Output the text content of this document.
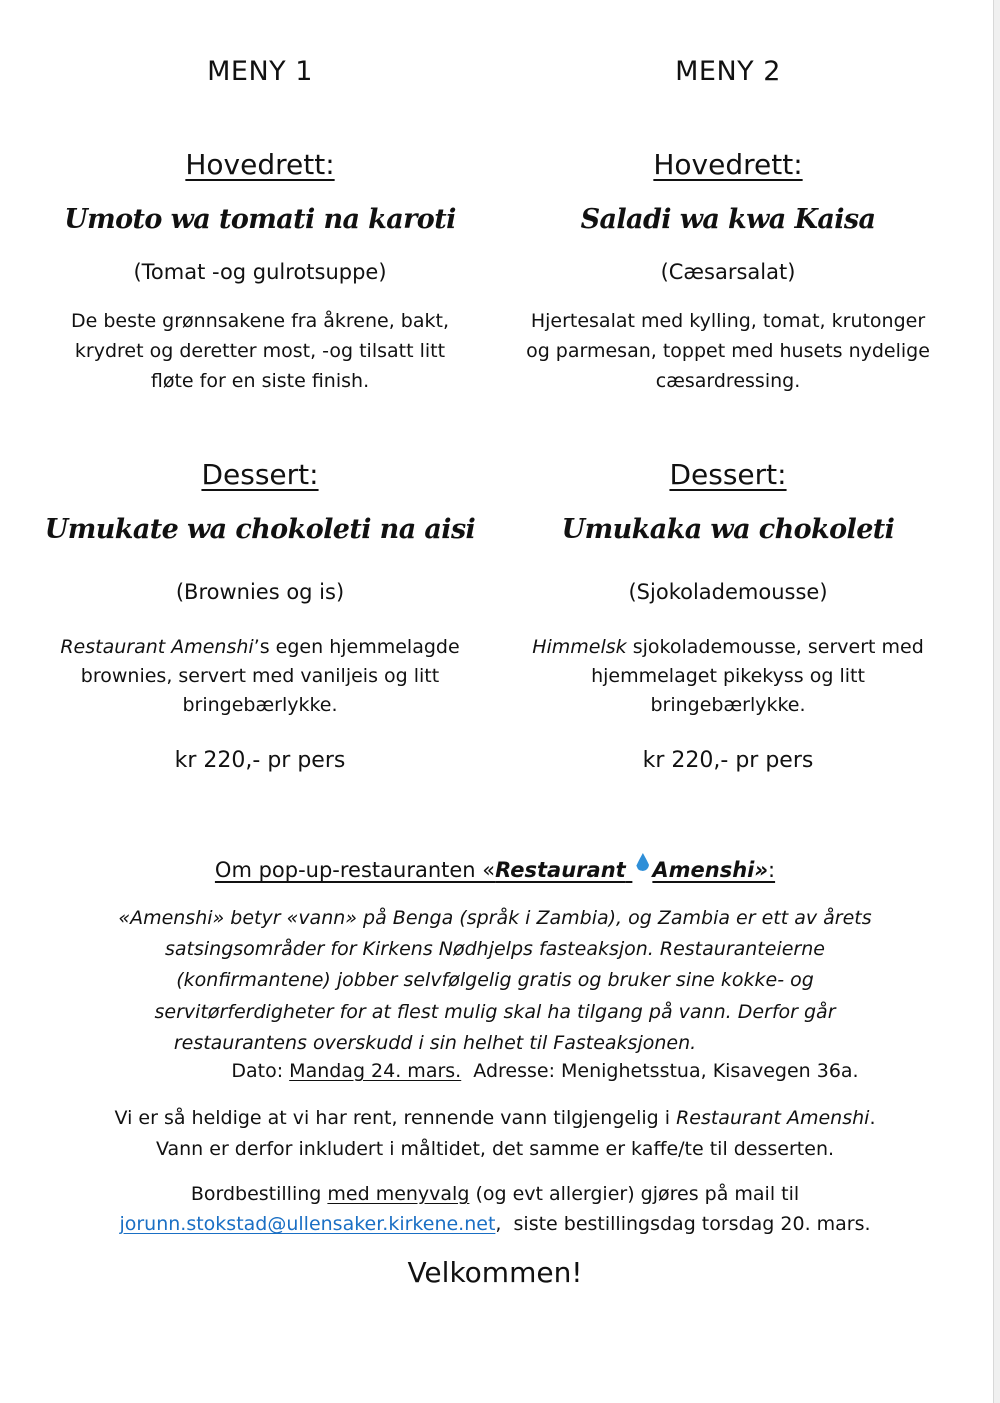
MENY 1
Hovedrett:
Umoto wa tomati na karoti
(Tomat -og gulrotsuppe)
De beste grønnsakene fra åkrene, bakt,
krydret og deretter most, -og tilsatt litt
fløte for en siste finish.
Dessert:
Umukate wa chokoleti na aisi
(Brownies og is)
Restaurant Amenshi’s egen hjemmelagde
brownies, servert med vaniljeis og litt
bringebærlykke.
kr 220,- pr pers
MENY 2
Hovedrett:
Saladi wa kwa Kaisa
(Cæsarsalat)
Hjertesalat med kylling, tomat, krutonger
og parmesan, toppet med husets nydelige
cæsardressing.
Dessert:
Umukaka wa chokoleti
(Sjokolademousse)
Himmelsk sjokolademousse, servert med
hjemmelaget pikekyss og litt
bringebærlykke.
kr 220,- pr pers
Om pop-up-restauranten «Restaurant Amenshi»:
«Amenshi» betyr «vann» på Benga (språk i Zambia), og Zambia er ett av årets
satsingsområder for Kirkens Nødhjelps fasteaksjon. Restauranteierne
(konfirmantene) jobber selvfølgelig gratis og bruker sine kokke- og
servitørferdigheter for at flest mulig skal ha tilgang på vann. Derfor går
restaurantens overskudd i sin helhet til Fasteaksjonen.
Dato: Mandag 24. mars.  Adresse: Menighetsstua, Kisavegen 36a.
Vi er så heldige at vi har rent, rennende vann tilgjengelig i Restaurant Amenshi.
Vann er derfor inkludert i måltidet, det samme er kaffe/te til desserten.
Bordbestilling med menyvalg (og evt allergier) gjøres på mail til
jorunn.stokstad@ullensaker.kirkene.net,  siste bestillingsdag torsdag 20. mars.
Velkommen!
